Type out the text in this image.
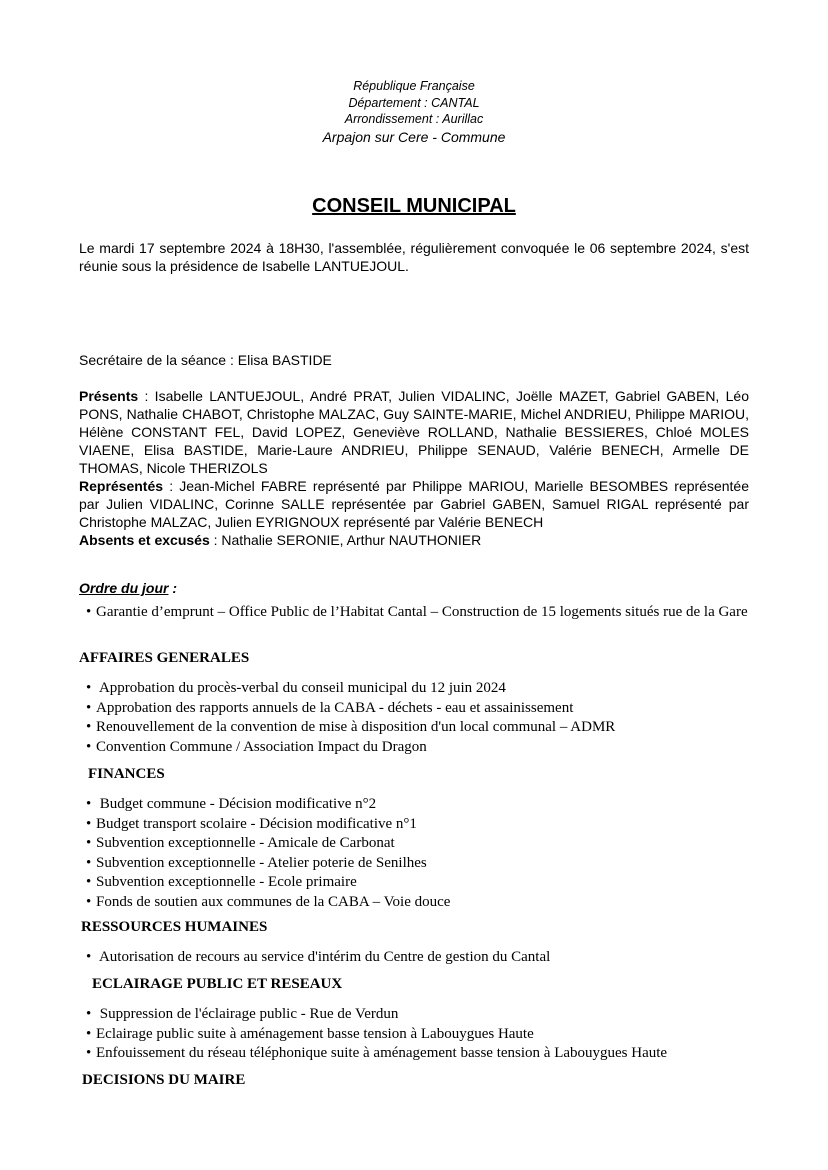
République Française
Département : CANTAL
Arrondissement : Aurillac
Arpajon sur Cere - Commune
CONSEIL MUNICIPAL
Le mardi 17 septembre 2024 à 18H30, l'assemblée, régulièrement convoquée le 06 septembre 2024, s'est réunie sous la présidence de Isabelle LANTUEJOUL.
Secrétaire de la séance : Elisa BASTIDE

Présents : Isabelle LANTUEJOUL, André PRAT, Julien VIDALINC, Joëlle MAZET, Gabriel GABEN, Léo PONS, Nathalie CHABOT, Christophe MALZAC, Guy SAINTE-MARIE, Michel ANDRIEU, Philippe MARIOU, Hélène CONSTANT FEL, David LOPEZ, Geneviève ROLLAND, Nathalie BESSIERES, Chloé MOLES VIAENE, Elisa BASTIDE, Marie-Laure ANDRIEU, Philippe SENAUD, Valérie BENECH, Armelle DE THOMAS, Nicole THERIZOLS

Représentés : Jean-Michel FABRE représenté par Philippe MARIOU, Marielle BESOMBES représentée par Julien VIDALINC, Corinne SALLE représentée par Gabriel GABEN, Samuel RIGAL représenté par Christophe MALZAC, Julien EYRIGNOUX représenté par Valérie BENECH

Absents et excusés : Nathalie SERONIE, Arthur NAUTHONIER

Ordre du jour :
• Garantie d’emprunt – Office Public de l’Habitat Cantal – Construction de 15 logements situés rue de la Gare
AFFAIRES GENERALES
• Approbation du procès-verbal du conseil municipal du 12 juin 2024
• Approbation des rapports annuels de la CABA - déchets - eau et assainissement
• Renouvellement de la convention de mise à disposition d'un local communal – ADMR
• Convention Commune / Association Impact du Dragon
FINANCES
• Budget commune - Décision modificative n°2
• Budget transport scolaire - Décision modificative n°1
• Subvention exceptionnelle - Amicale de Carbonat
• Subvention exceptionnelle - Atelier poterie de Senilhes
• Subvention exceptionnelle - Ecole primaire
• Fonds de soutien aux communes de la CABA – Voie douce
RESSOURCES HUMAINES
• Autorisation de recours au service d'intérim du Centre de gestion du Cantal
ECLAIRAGE PUBLIC ET RESEAUX
• Suppression de l'éclairage public - Rue de Verdun
• Eclairage public suite à aménagement basse tension à Labouygues Haute
• Enfouissement du réseau téléphonique suite à aménagement basse tension à Labouygues Haute
DECISIONS DU MAIRE
